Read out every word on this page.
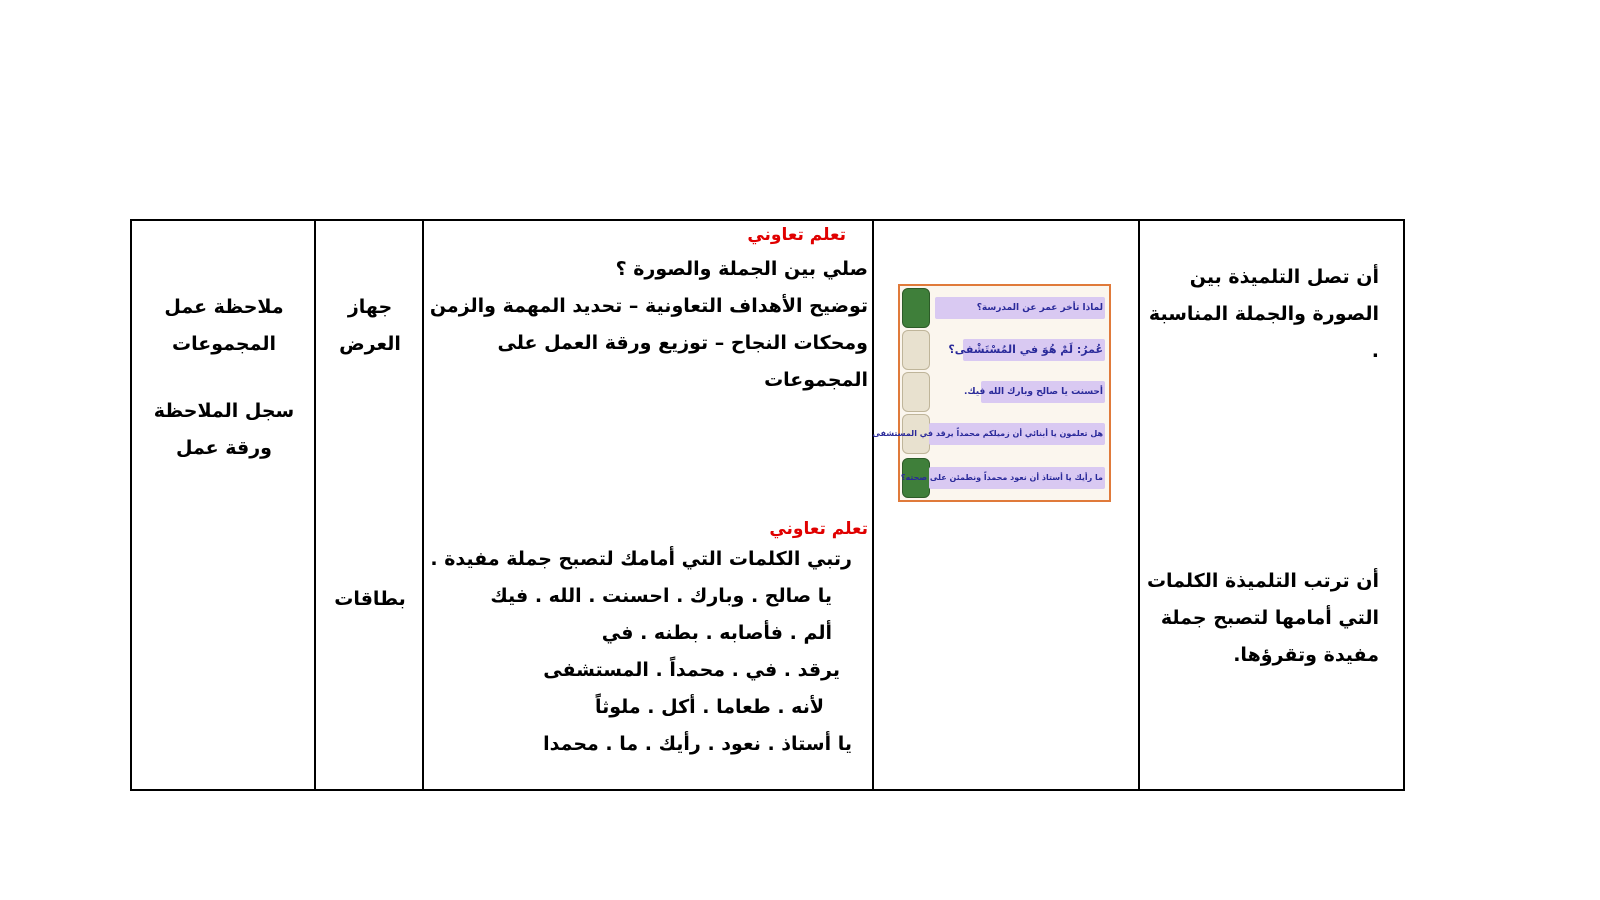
ملاحظة عمل
المجموعات
سجل الملاحظة
ورقة عمل
جهاز
العرض
بطاقات
تعلم تعاوني
صلي بين الجملة والصورة ؟
توضيح الأهداف التعاونية – تحديد المهمة والزمن
ومحكات النجاح – توزيع ورقة العمل على
المجموعات
تعلم تعاوني
رتبي الكلمات التي أمامك لتصبح جملة مفيدة .
يا صالح . وبارك . احسنت . الله . فيك
ألم . فأصابه . بطنه . في
يرقد . في . محمداً . المستشفى
لأنه . طعاما . أكل . ملوثاً
يا أستاذ . نعود . رأيك . ما . محمدا
لماذا تأخر عمر عن المدرسة؟
عُمرُ: لَمْ هُوَ في المُسْتَشْفى؟
أحسنت يا صالح وبارك الله فيك.
هل تعلمون يا أبنائي أن زميلكم محمداً يرقد في المستشفى
ما رأيك يا أستاذ أن نعود محمداً ونطمئن على صحته؟
أن تصل التلميذة بين
الصورة والجملة المناسبة
.
أن ترتب التلميذة الكلمات
التي أمامها لتصبح جملة
مفيدة وتقرؤها.
